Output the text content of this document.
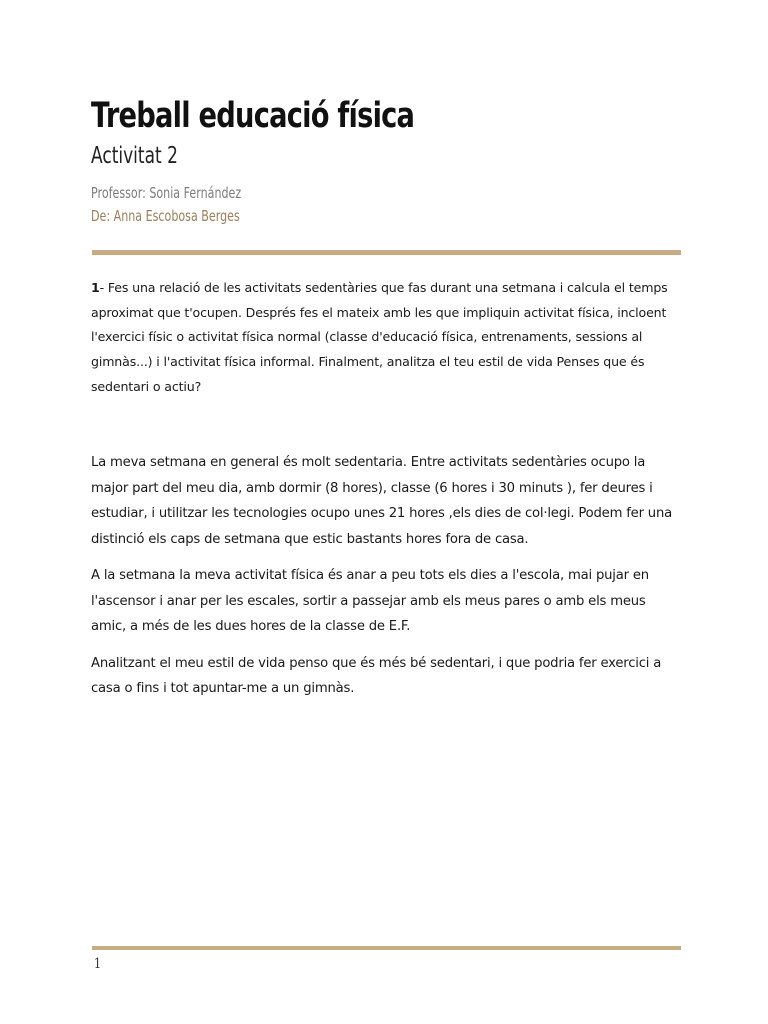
Treball educació física
Activitat 2
Professor: Sonia Fernández
De: Anna Escobosa Berges

1- Fes una relació de les activitats sedentàries que fas durant una setmana i calcula el temps aproximat que t'ocupen. Després fes el mateix amb les que impliquin activitat física, incloent l'exercici físic o activitat física normal (classe d'educació física, entrenaments, sessions al gimnàs...) i l'activitat física informal. Finalment, analitza el teu estil de vida Penses que és sedentari o actiu?

La meva setmana en general és molt sedentaria. Entre activitats sedentàries ocupo la major part del meu dia, amb dormir (8 hores), classe (6 hores i 30 minuts ), fer deures i estudiar, i utilitzar les tecnologies ocupo unes 21 hores ,els dies de col·legi. Podem fer una distinció els caps de setmana que estic bastants hores fora de casa.

A la setmana la meva activitat física és anar a peu tots els dies a l'escola, mai pujar en l'ascensor i anar per les escales, sortir a passejar amb els meus pares o amb els meus amic, a més de les dues hores de la classe de E.F.

Analitzant el meu estil de vida penso que és més bé sedentari, i que podria fer exercici a casa o fins i tot apuntar-me a un gimnàs.

1
